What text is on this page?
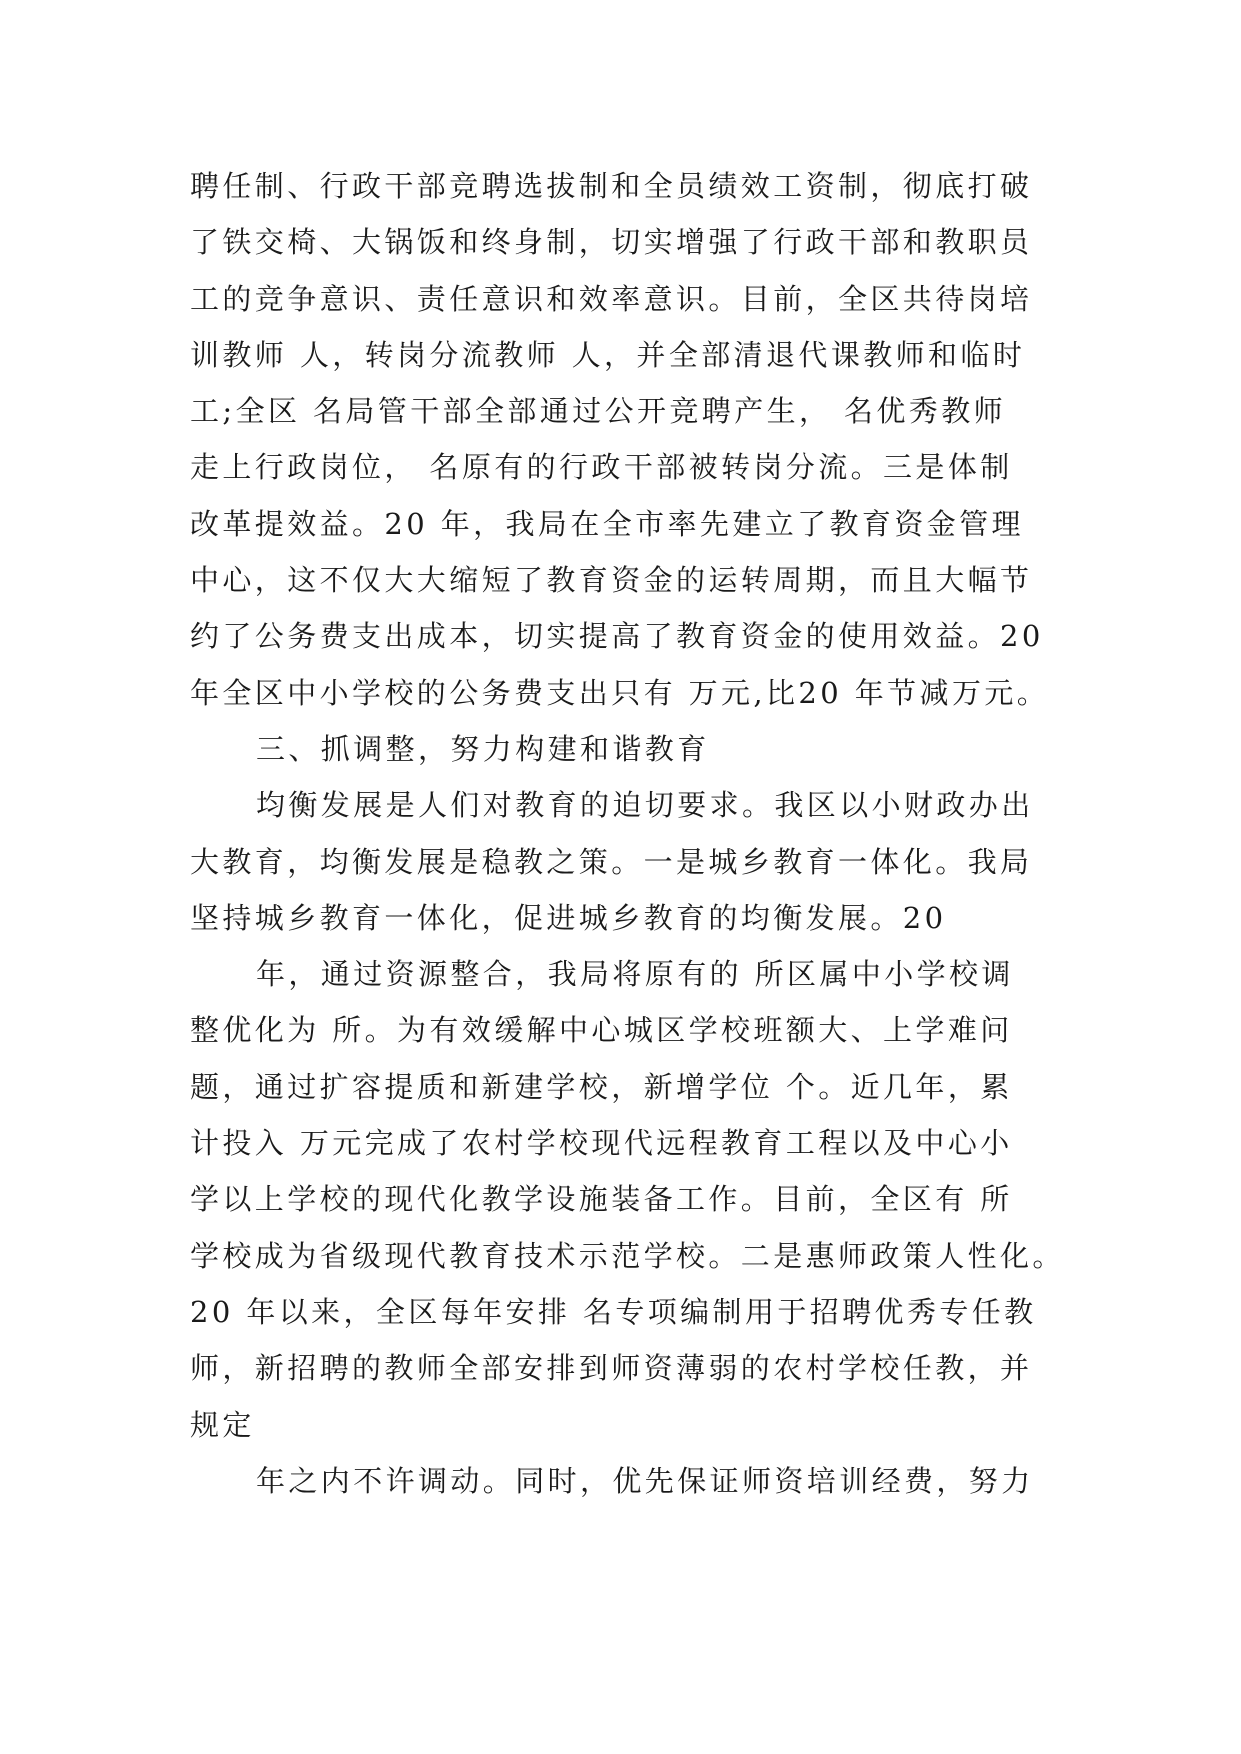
聘任制、行政干部竞聘选拔制和全员绩效工资制，彻底打破
了铁交椅、大锅饭和终身制，切实增强了行政干部和教职员
工的竞争意识、责任意识和效率意识。目前，全区共待岗培
训教师 人，转岗分流教师 人，并全部清退代课教师和临时
工;全区 名局管干部全部通过公开竞聘产生， 名优秀教师
走上行政岗位， 名原有的行政干部被转岗分流。三是体制
改革提效益。20 年，我局在全市率先建立了教育资金管理
中心，这不仅大大缩短了教育资金的运转周期，而且大幅节
约了公务费支出成本，切实提高了教育资金的使用效益。20
年全区中小学校的公务费支出只有 万元,比20 年节减万元。
三、抓调整，努力构建和谐教育
均衡发展是人们对教育的迫切要求。我区以小财政办出
大教育，均衡发展是稳教之策。一是城乡教育一体化。我局
坚持城乡教育一体化，促进城乡教育的均衡发展。20
年，通过资源整合，我局将原有的 所区属中小学校调
整优化为 所。为有效缓解中心城区学校班额大、上学难问
题，通过扩容提质和新建学校，新增学位 个。近几年，累
计投入 万元完成了农村学校现代远程教育工程以及中心小
学以上学校的现代化教学设施装备工作。目前，全区有 所
学校成为省级现代教育技术示范学校。二是惠师政策人性化。
20 年以来，全区每年安排 名专项编制用于招聘优秀专任教
师，新招聘的教师全部安排到师资薄弱的农村学校任教，并
规定
年之内不许调动。同时，优先保证师资培训经费，努力
